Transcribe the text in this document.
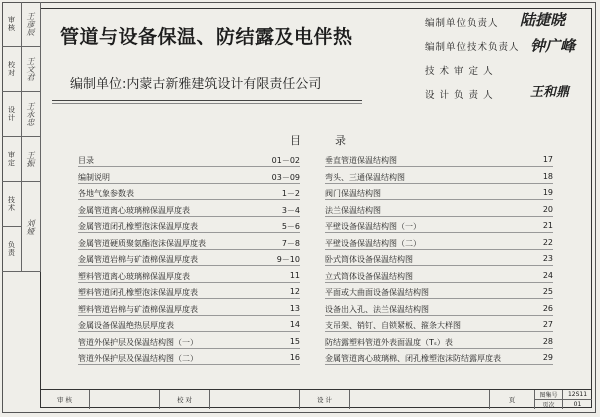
审核
校对
设计
审定
技术
负责
王彦辰
王文君
王永忠
王振
刘娅
管道与设备保温、防结露及电伴热
编制单位:内蒙古新雅建筑设计有限责任公司
编制单位负责人
编制单位技术负责人
技 术 审 定 人
设 计 负 责 人
陆捷晓
钟广峰
王和鼎
目	录
目录	01－02
编制说明	03－09
各地气象参数表	1－2
金属管道离心玻璃棉保温厚度表	3－4
金属管道闭孔橡塑泡沫保温厚度表	5－6
金属管道硬质聚氨酯泡沫保温厚度表	7－8
金属管道岩棉与矿渣棉保温厚度表	9－10
塑料管道离心玻璃棉保温厚度表	11
塑料管道闭孔橡塑泡沫保温厚度表	12
塑料管道岩棉与矿渣棉保温厚度表	13
金属设备保温绝热层厚度表	14
管道外保护层及保温结构图（一）	15
管道外保护层及保温结构图（二）	16
垂直管道保温结构图	17
弯头、三通保温结构图	18
阀门保温结构图	19
法兰保温结构图	20
平壁设备保温结构图（一）	21
平壁设备保温结构图（二）	22
卧式筒体设备保温结构图	23
立式筒体设备保温结构图	24
平面或大曲面设备保温结构图	25
设备出入孔、法兰保温结构图	26
支吊架、销钉、自锁紧板、箍条大样图	27
防结露塑料管道外表面温度（Tₛ）表	28
金属管道离心玻璃棉、闭孔橡塑泡沫防结露厚度表	29
审 核	校 对	设 计	页
图集号	12S11
页次	01
